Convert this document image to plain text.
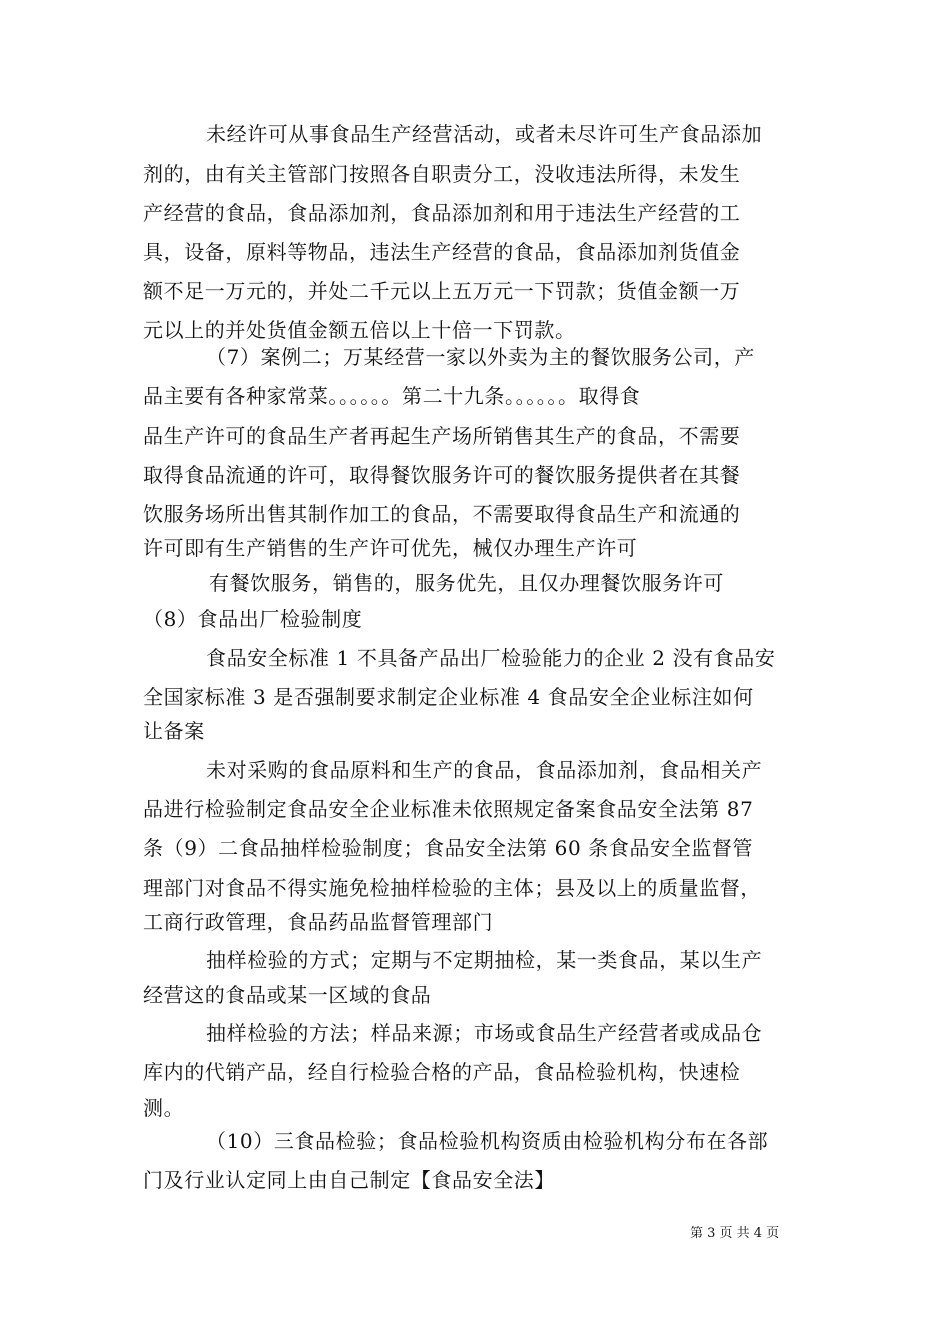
未经许可从事食品生产经营活动，或者未尽许可生产食品添加
剂的，由有关主管部门按照各自职责分工，没收违法所得，未发生
产经营的食品，食品添加剂，食品添加剂和用于违法生产经营的工
具，设备，原料等物品，违法生产经营的食品，食品添加剂货值金
额不足一万元的，并处二千元以上五万元一下罚款；货值金额一万
元以上的并处货值金额五倍以上十倍一下罚款。
（7）案例二；万某经营一家以外卖为主的餐饮服务公司，产
品主要有各种家常菜。。。。。。第二十九条。。。。。。取得食
品生产许可的食品生产者再起生产场所销售其生产的食品，不需要
取得食品流通的许可，取得餐饮服务许可的餐饮服务提供者在其餐
饮服务场所出售其制作加工的食品，不需要取得食品生产和流通的
许可即有生产销售的生产许可优先，械仅办理生产许可
有餐饮服务，销售的，服务优先，且仅办理餐饮服务许可
（8）食品出厂检验制度
食品安全标准 1 不具备产品出厂检验能力的企业 2 没有食品安
全国家标准 3 是否强制要求制定企业标准 4 食品安全企业标注如何
让备案
未对采购的食品原料和生产的食品，食品添加剂，食品相关产
品进行检验制定食品安全企业标准未依照规定备案食品安全法第 87
条（9）二食品抽样检验制度；食品安全法第 60 条食品安全监督管
理部门对食品不得实施免检抽样检验的主体；县及以上的质量监督，
工商行政管理，食品药品监督管理部门
抽样检验的方式；定期与不定期抽检，某一类食品，某以生产
经营这的食品或某一区域的食品
抽样检验的方法；样品来源；市场或食品生产经营者或成品仓
库内的代销产品，经自行检验合格的产品，食品检验机构，快速检
测。
（10）三食品检验；食品检验机构资质由检验机构分布在各部
门及行业认定同上由自己制定【食品安全法】
第 3 页 共 4 页
